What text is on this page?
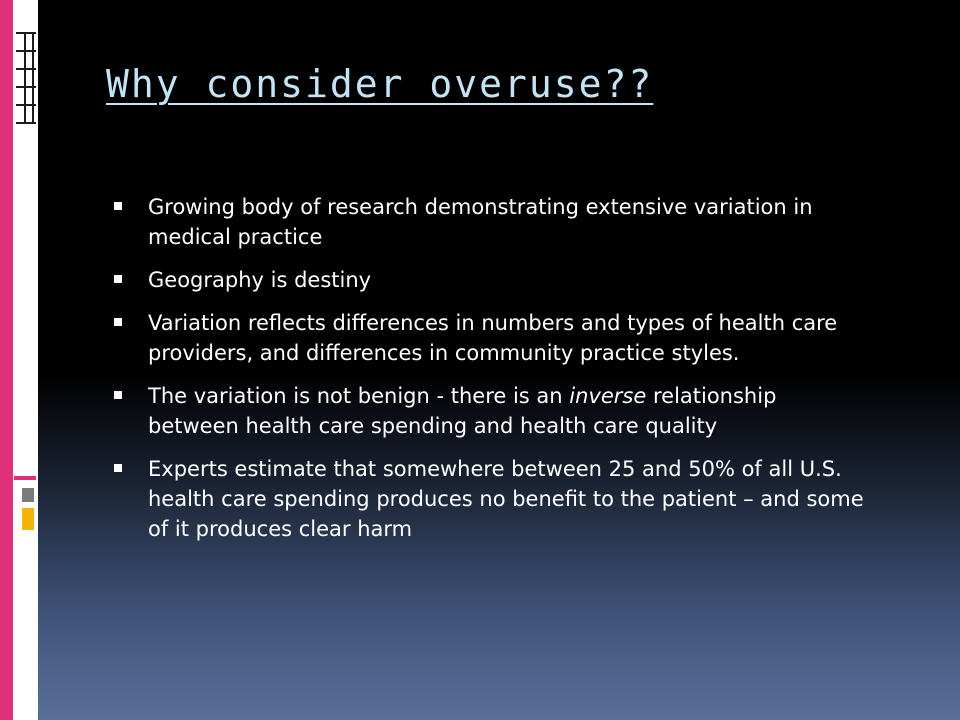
Why consider overuse??
Growing body of research demonstrating extensive variation in medical practice
Geography is destiny
Variation reflects differences in numbers and types of health care providers, and differences in community practice styles.
The variation is not benign - there is an inverse relationship between health care spending and health care quality
Experts estimate that somewhere between 25 and 50% of all U.S. health care spending produces no benefit to the patient – and some of it produces clear harm
